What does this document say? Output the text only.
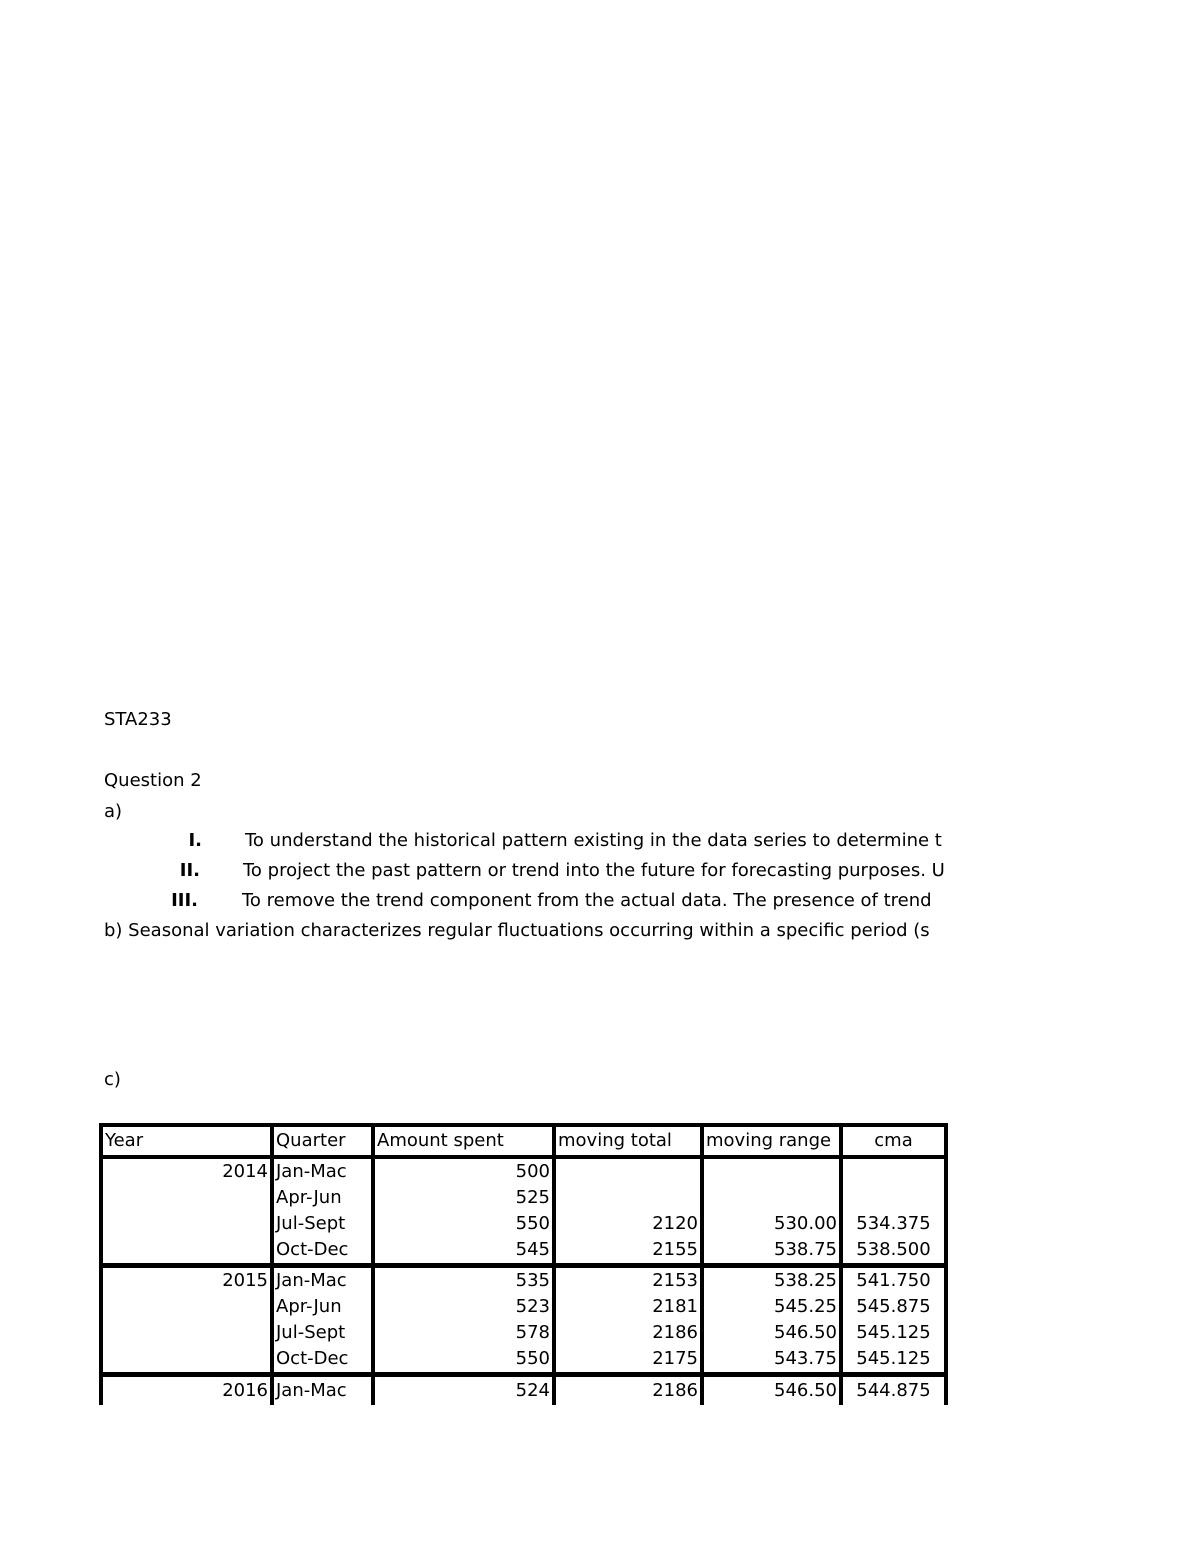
STA233
Question 2
a)
I. To understand the historical pattern existing in the data series to determine t
II. To project the past pattern or trend into the future for forecasting purposes. U
III. To remove the trend component from the actual data. The presence of trend
b) Seasonal variation characterizes regular fluctuations occurring within a specific period (s
c)
Year	Quarter	Amount spent	moving total	moving range	cma
2014	Jan-Mac	500			
	Apr-Jun	525			
	Jul-Sept	550	2120	530.00	534.375
	Oct-Dec	545	2155	538.75	538.500
2015	Jan-Mac	535	2153	538.25	541.750
	Apr-Jun	523	2181	545.25	545.875
	Jul-Sept	578	2186	546.50	545.125
	Oct-Dec	550	2175	543.75	545.125
2016	Jan-Mac	524	2186	546.50	544.875
